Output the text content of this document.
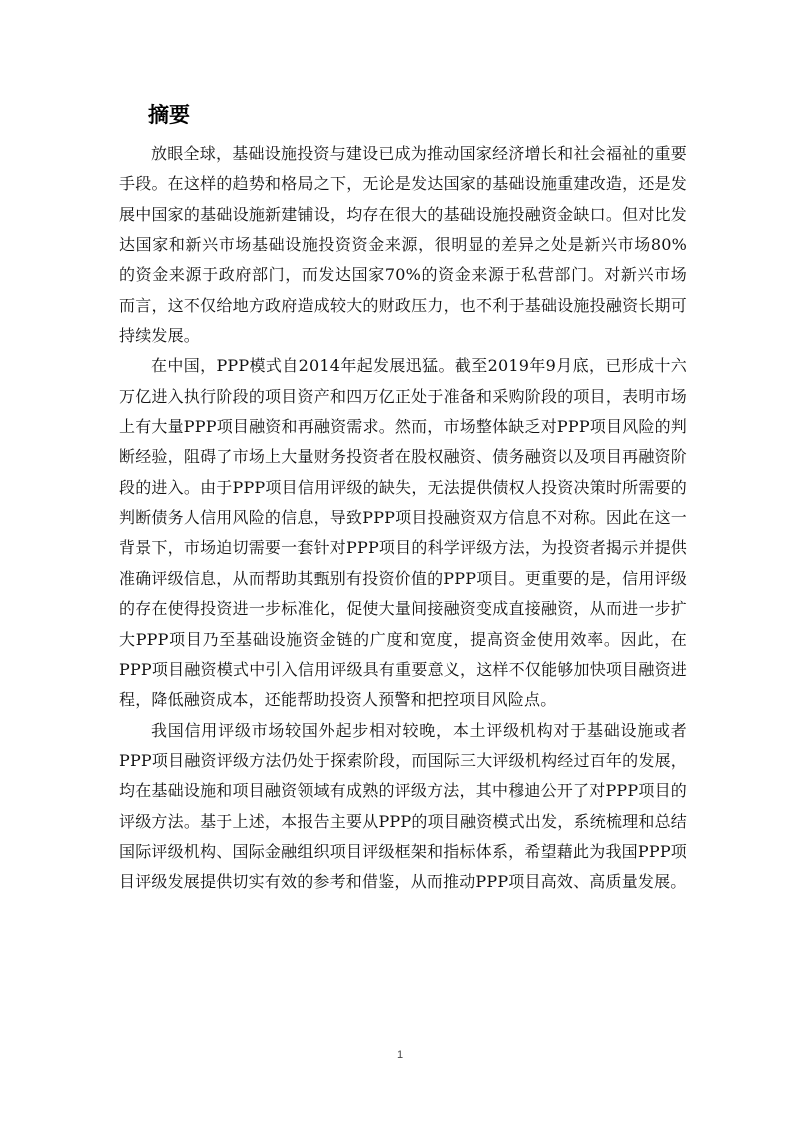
摘要

放眼全球，基础设施投资与建设已成为推动国家经济增长和社会福祉的重要手段。在这样的趋势和格局之下，无论是发达国家的基础设施重建改造，还是发展中国家的基础设施新建铺设，均存在很大的基础设施投融资金缺口。但对比发达国家和新兴市场基础设施投资资金来源，很明显的差异之处是新兴市场80%的资金来源于政府部门，而发达国家70%的资金来源于私营部门。对新兴市场而言，这不仅给地方政府造成较大的财政压力，也不利于基础设施投融资长期可持续发展。

在中国，PPP模式自2014年起发展迅猛。截至2019年9月底，已形成十六万亿进入执行阶段的项目资产和四万亿正处于准备和采购阶段的项目，表明市场上有大量PPP项目融资和再融资需求。然而，市场整体缺乏对PPP项目风险的判断经验，阻碍了市场上大量财务投资者在股权融资、债务融资以及项目再融资阶段的进入。由于PPP项目信用评级的缺失，无法提供债权人投资决策时所需要的判断债务人信用风险的信息，导致PPP项目投融资双方信息不对称。因此在这一背景下，市场迫切需要一套针对PPP项目的科学评级方法，为投资者揭示并提供准确评级信息，从而帮助其甄别有投资价值的PPP项目。更重要的是，信用评级的存在使得投资进一步标准化，促使大量间接融资变成直接融资，从而进一步扩大PPP项目乃至基础设施资金链的广度和宽度，提高资金使用效率。因此，在PPP项目融资模式中引入信用评级具有重要意义，这样不仅能够加快项目融资进程，降低融资成本，还能帮助投资人预警和把控项目风险点。

我国信用评级市场较国外起步相对较晚，本土评级机构对于基础设施或者PPP项目融资评级方法仍处于探索阶段，而国际三大评级机构经过百年的发展，均在基础设施和项目融资领域有成熟的评级方法，其中穆迪公开了对PPP项目的评级方法。基于上述，本报告主要从PPP的项目融资模式出发，系统梳理和总结国际评级机构、国际金融组织项目评级框架和指标体系，希望藉此为我国PPP项目评级发展提供切实有效的参考和借鉴，从而推动PPP项目高效、高质量发展。

1
